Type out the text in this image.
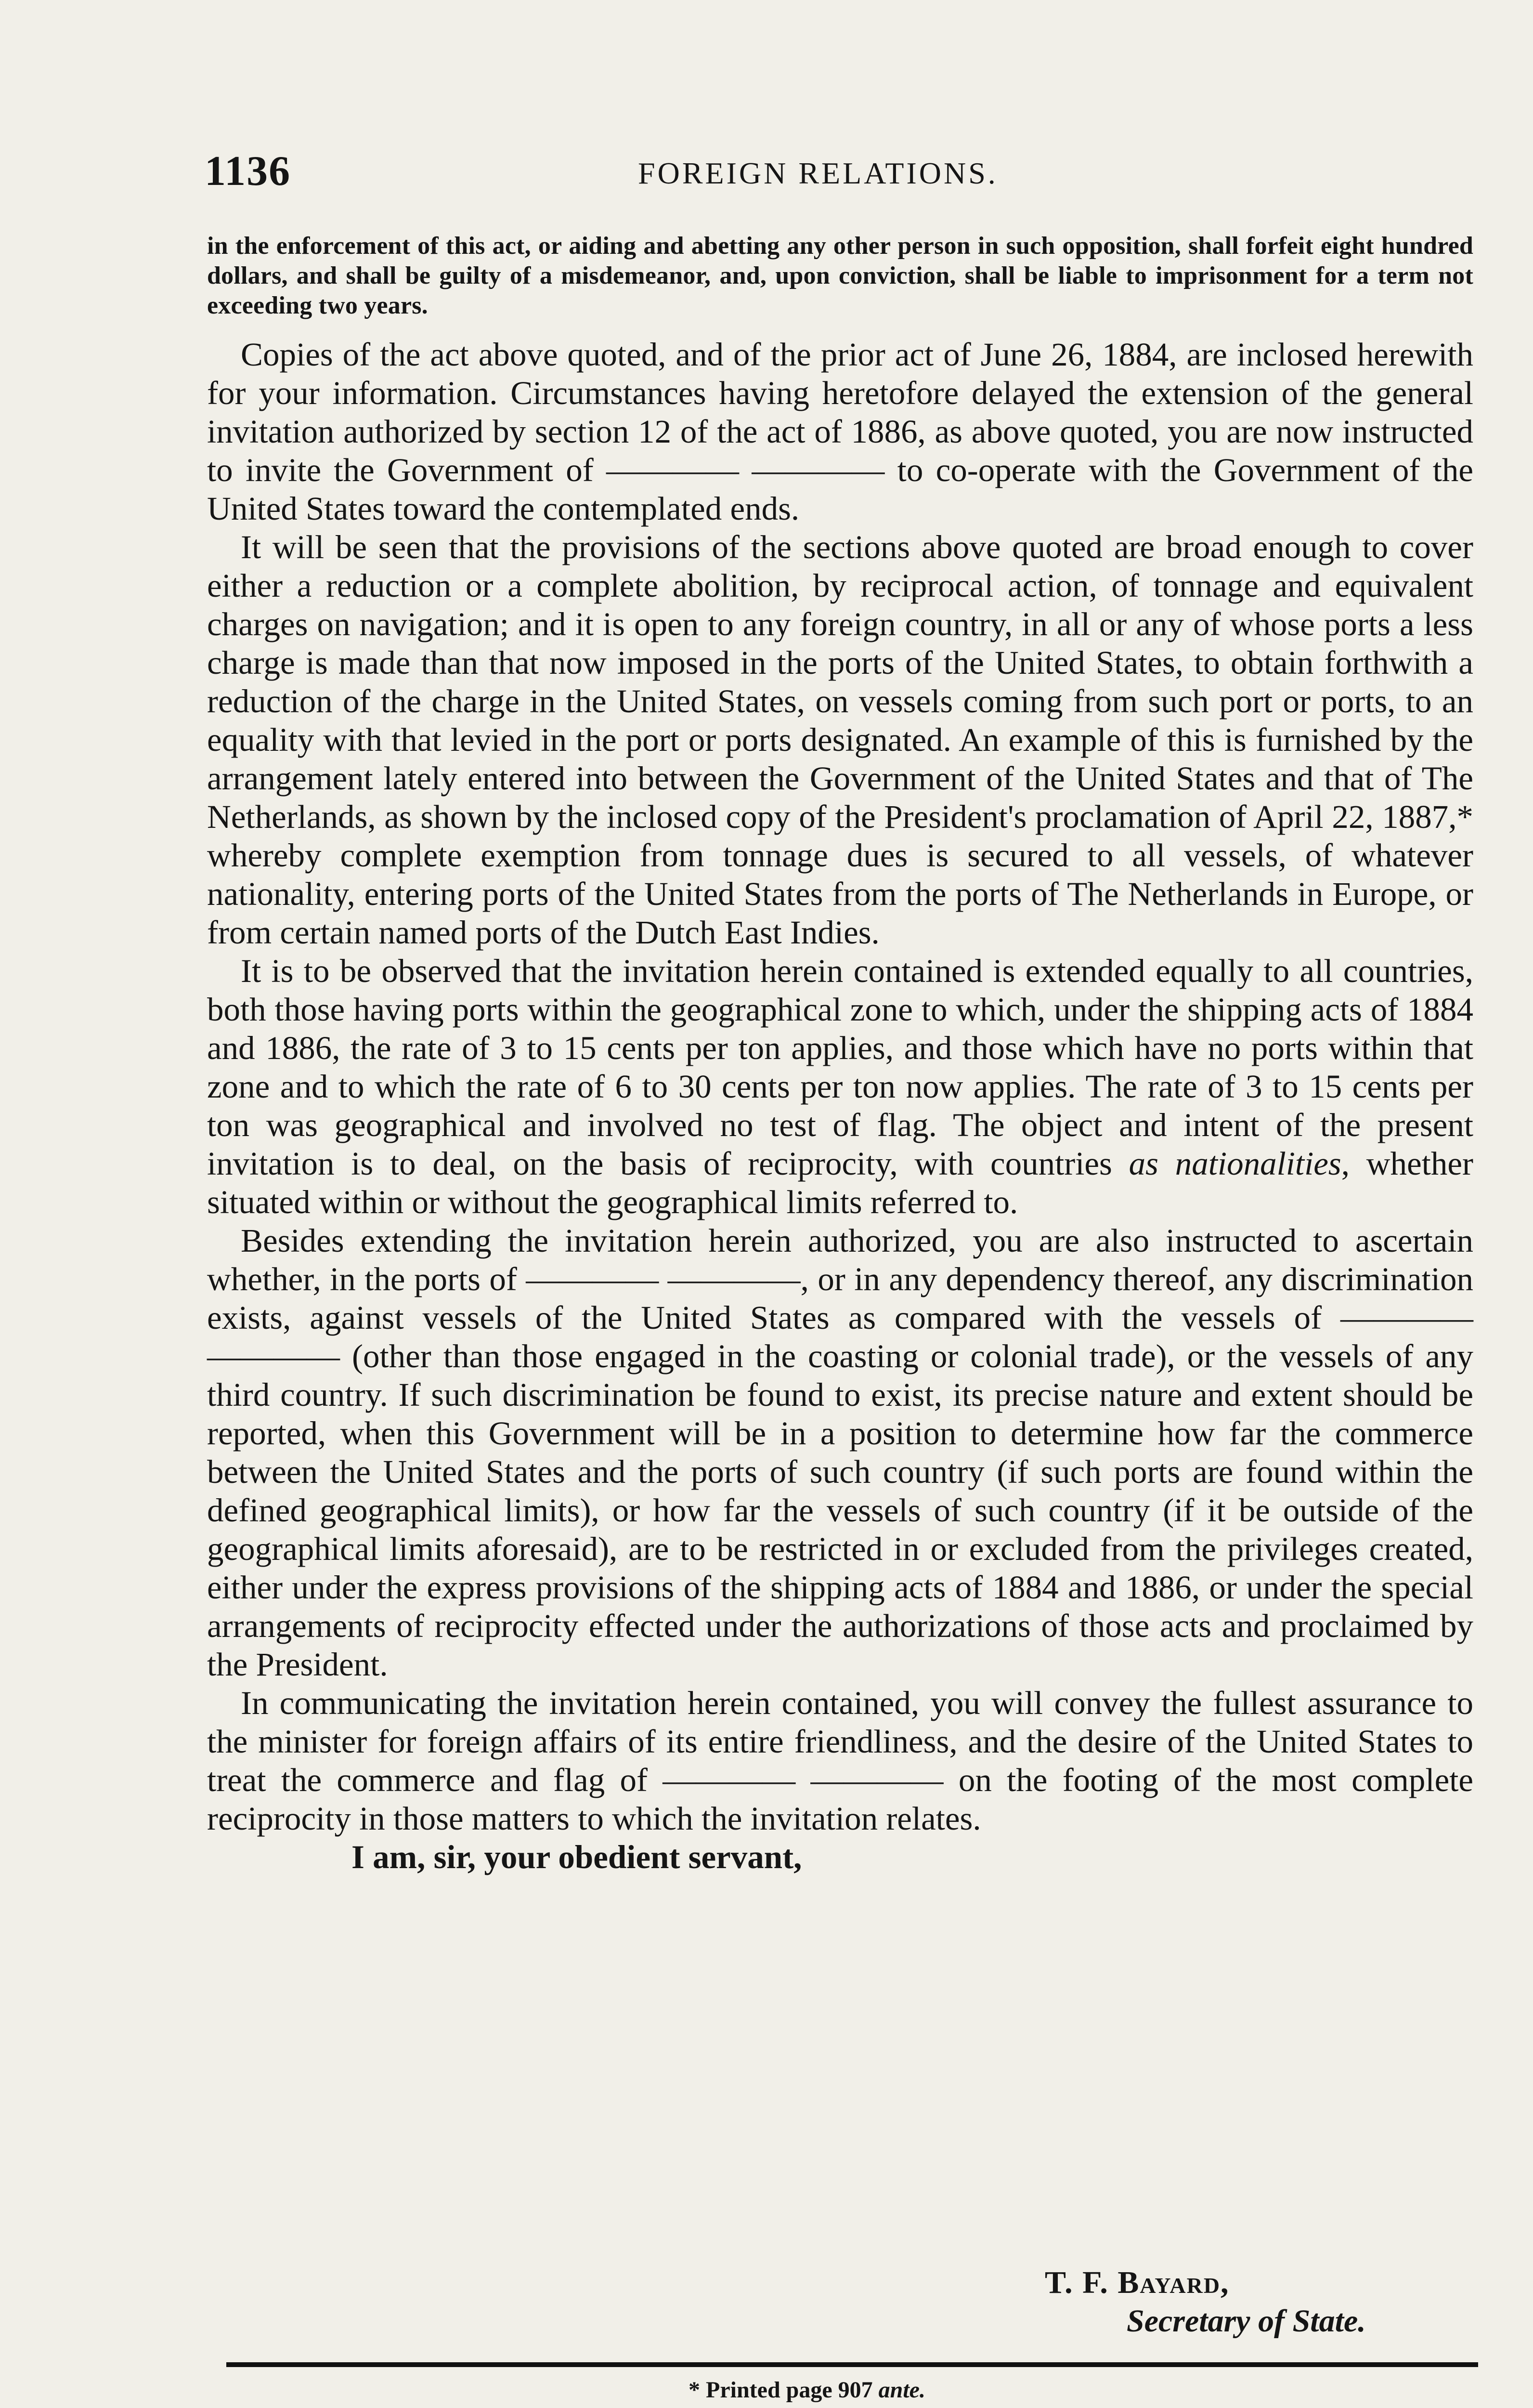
1136	FOREIGN RELATIONS.

in the enforcement of this act, or aiding and abetting any other person in such opposition, shall forfeit eight hundred dollars, and shall be guilty of a misdemeanor, and, upon conviction, shall be liable to imprisonment for a term not exceeding two years.

Copies of the act above quoted, and of the prior act of June 26, 1884, are inclosed herewith for your information. Circumstances having heretofore delayed the extension of the general invitation authorized by section 12 of the act of 1886, as above quoted, you are now instructed to invite the Government of ———— ———— to co-operate with the Government of the United States toward the contemplated ends.

It will be seen that the provisions of the sections above quoted are broad enough to cover either a reduction or a complete abolition, by reciprocal action, of tonnage and equivalent charges on navigation; and it is open to any foreign country, in all or any of whose ports a less charge is made than that now imposed in the ports of the United States, to obtain forthwith a reduction of the charge in the United States, on vessels coming from such port or ports, to an equality with that levied in the port or ports designated. An example of this is furnished by the arrangement lately entered into between the Government of the United States and that of The Netherlands, as shown by the inclosed copy of the President's proclamation of April 22, 1887,* whereby complete exemption from tonnage dues is secured to all vessels, of whatever nationality, entering ports of the United States from the ports of The Netherlands in Europe, or from certain named ports of the Dutch East Indies.

It is to be observed that the invitation herein contained is extended equally to all countries, both those having ports within the geographical zone to which, under the shipping acts of 1884 and 1886, the rate of 3 to 15 cents per ton applies, and those which have no ports within that zone and to which the rate of 6 to 30 cents per ton now applies. The rate of 3 to 15 cents per ton was geographical and involved no test of flag. The object and intent of the present invitation is to deal, on the basis of reciprocity, with countries as nationalities, whether situated within or without the geographical limits referred to.

Besides extending the invitation herein authorized, you are also instructed to ascertain whether, in the ports of ———— ————, or in any dependency thereof, any discrimination exists, against vessels of the United States as compared with the vessels of ———— ———— (other than those engaged in the coasting or colonial trade), or the vessels of any third country. If such discrimination be found to exist, its precise nature and extent should be reported, when this Government will be in a position to determine how far the commerce between the United States and the ports of such country (if such ports are found within the defined geographical limits), or how far the vessels of such country (if it be outside of the geographical limits aforesaid), are to be restricted in or excluded from the privileges created, either under the express provisions of the shipping acts of 1884 and 1886, or under the special arrangements of reciprocity effected under the authorizations of those acts and proclaimed by the President.

In communicating the invitation herein contained, you will convey the fullest assurance to the minister for foreign affairs of its entire friendliness, and the desire of the United States to treat the commerce and flag of ———— ———— on the footing of the most complete reciprocity in those matters to which the invitation relates.

I am, sir, your obedient servant,

T. F. Bayard,
Secretary of State.
* Printed page 907 ante.
